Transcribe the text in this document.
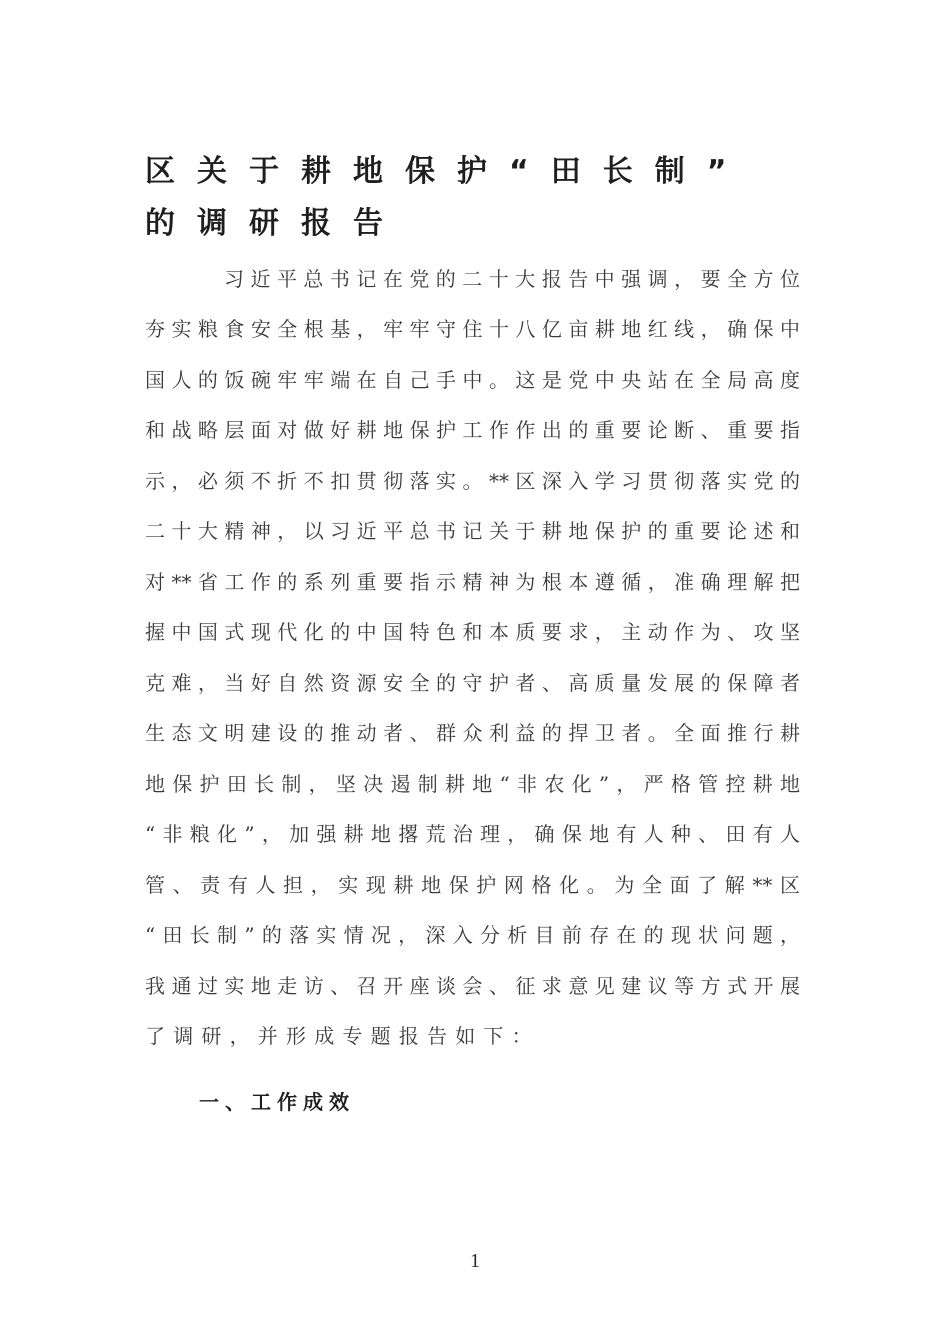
区关于耕地保护“田长制”
的调研报告
习近平总书记在党的二十大报告中强调，要全方位
夯实粮食安全根基，牢牢守住十八亿亩耕地红线，确保中
国人的饭碗牢牢端在自己手中。这是党中央站在全局高度
和战略层面对做好耕地保护工作作出的重要论断、重要指
示，必须不折不扣贯彻落实。**区深入学习贯彻落实党的
二十大精神，以习近平总书记关于耕地保护的重要论述和
对**省工作的系列重要指示精神为根本遵循，准确理解把
握中国式现代化的中国特色和本质要求，主动作为、攻坚
克难，当好自然资源安全的守护者、高质量发展的保障者
生态文明建设的推动者、群众利益的捍卫者。全面推行耕
地保护田长制，坚决遏制耕地“非农化”，严格管控耕地
“非粮化”，加强耕地撂荒治理，确保地有人种、田有人
管、责有人担，实现耕地保护网格化。为全面了解**区
“田长制”的落实情况，深入分析目前存在的现状问题，
我通过实地走访、召开座谈会、征求意见建议等方式开展
了调研，并形成专题报告如下：
一、工作成效
1
